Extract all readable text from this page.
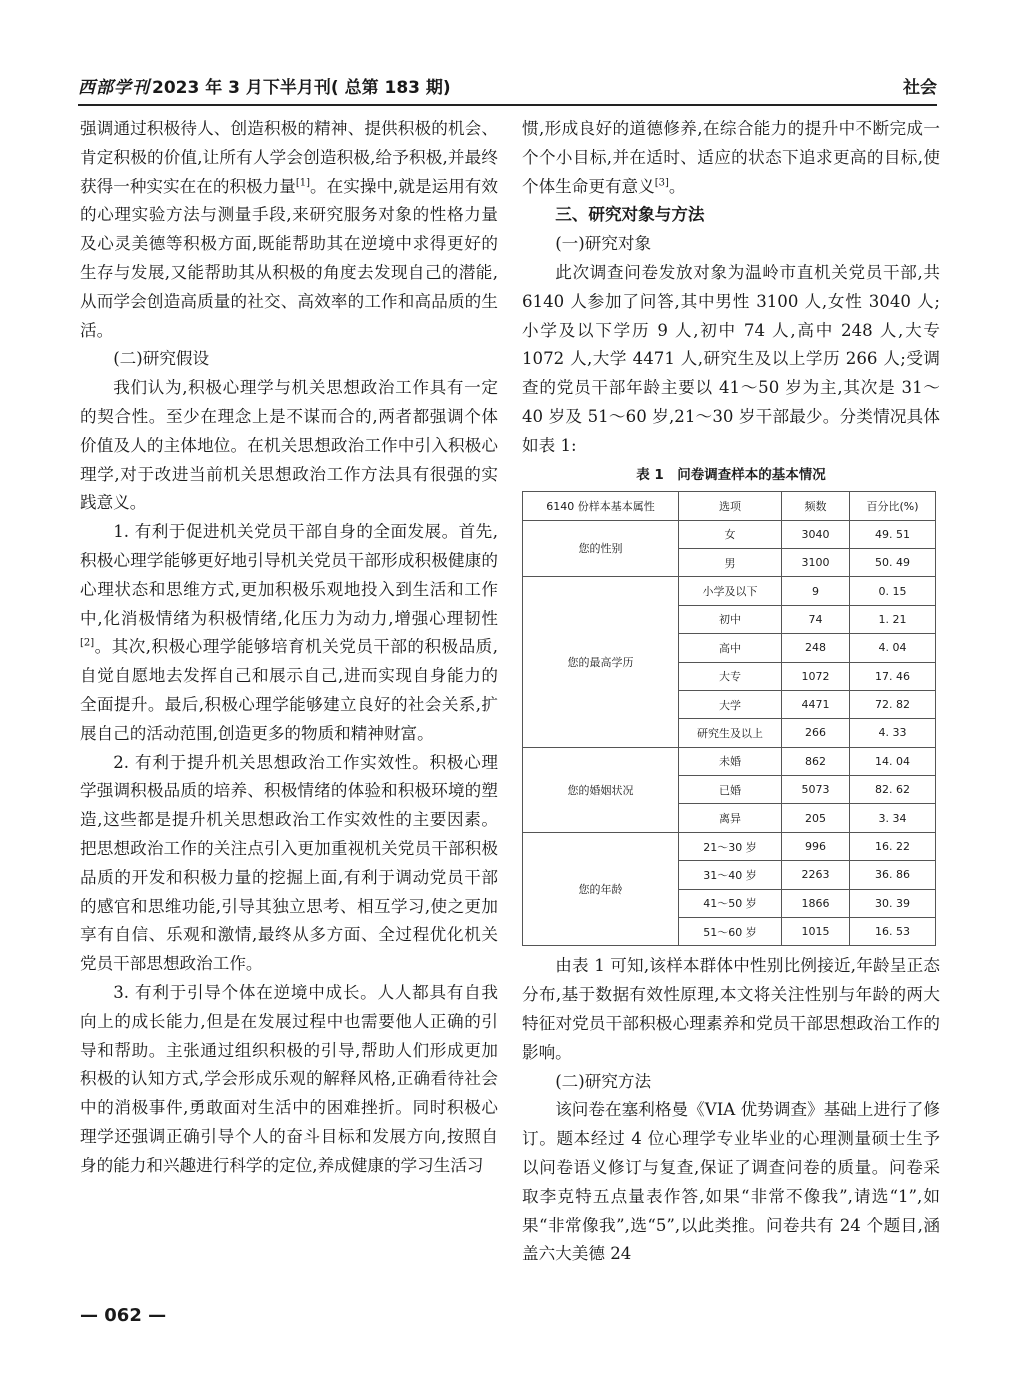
西部学刊 2023 年 3 月下半月刊( 总第 183 期)	社会

强调通过积极待人、创造积极的精神、提供积极的机会、肯定积极的价值,让所有人学会创造积极,给予积极,并最终获得一种实实在在的积极力量[1]。在实操中,就是运用有效的心理实验方法与测量手段,来研究服务对象的性格力量及心灵美德等积极方面,既能帮助其在逆境中求得更好的生存与发展,又能帮助其从积极的角度去发现自己的潜能,从而学会创造高质量的社交、高效率的工作和高品质的生活。

(二)研究假设

我们认为,积极心理学与机关思想政治工作具有一定的契合性。至少在理念上是不谋而合的,两者都强调个体价值及人的主体地位。在机关思想政治工作中引入积极心理学,对于改进当前机关思想政治工作方法具有很强的实践意义。

1. 有利于促进机关党员干部自身的全面发展。首先,积极心理学能够更好地引导机关党员干部形成积极健康的心理状态和思维方式,更加积极乐观地投入到生活和工作中,化消极情绪为积极情绪,化压力为动力,增强心理韧性[2]。其次,积极心理学能够培育机关党员干部的积极品质,自觉自愿地去发挥自己和展示自己,进而实现自身能力的全面提升。最后,积极心理学能够建立良好的社会关系,扩展自己的活动范围,创造更多的物质和精神财富。

2. 有利于提升机关思想政治工作实效性。积极心理学强调积极品质的培养、积极情绪的体验和积极环境的塑造,这些都是提升机关思想政治工作实效性的主要因素。把思想政治工作的关注点引入更加重视机关党员干部积极品质的开发和积极力量的挖掘上面,有利于调动党员干部的感官和思维功能,引导其独立思考、相互学习,使之更加享有自信、乐观和激情,最终从多方面、全过程优化机关党员干部思想政治工作。

3. 有利于引导个体在逆境中成长。人人都具有自我向上的成长能力,但是在发展过程中也需要他人正确的引导和帮助。主张通过组织积极的引导,帮助人们形成更加积极的认知方式,学会形成乐观的解释风格,正确看待社会中的消极事件,勇敢面对生活中的困难挫折。同时积极心理学还强调正确引导个人的奋斗目标和发展方向,按照自身的能力和兴趣进行科学的定位,养成健康的学习生活习

惯,形成良好的道德修养,在综合能力的提升中不断完成一个个小目标,并在适时、适应的状态下追求更高的目标,使个体生命更有意义[3]。

三、研究对象与方法

(一)研究对象

此次调查问卷发放对象为温岭市直机关党员干部,共 6140 人参加了问答,其中男性 3100 人,女性 3040 人;小学及以下学历 9 人,初中 74 人,高中 248 人,大专 1072 人,大学 4471 人,研究生及以上学历 266 人;受调查的党员干部年龄主要以 41～50 岁为主,其次是 31～40 岁及 51～60 岁,21～30 岁干部最少。分类情况具体如表 1:

表 1　问卷调查样本的基本情况
6140 份样本基本属性	选项	频数	百分比(%)
您的性别	女	3040	49. 51
	男	3100	50. 49
您的最高学历	小学及以下	9	0. 15
	初中	74	1. 21
	高中	248	4. 04
	大专	1072	17. 46
	大学	4471	72. 82
	研究生及以上	266	4. 33
您的婚姻状况	未婚	862	14. 04
	已婚	5073	82. 62
	离异	205	3. 34
您的年龄	21～30 岁	996	16. 22
	31～40 岁	2263	36. 86
	41～50 岁	1866	30. 39
	51～60 岁	1015	16. 53

由表 1 可知,该样本群体中性别比例接近,年龄呈正态分布,基于数据有效性原理,本文将关注性别与年龄的两大特征对党员干部积极心理素养和党员干部思想政治工作的影响。

(二)研究方法

该问卷在塞利格曼《VIA 优势调查》基础上进行了修订。题本经过 4 位心理学专业毕业的心理测量硕士生予以问卷语义修订与复查,保证了调查问卷的质量。问卷采取李克特五点量表作答,如果“非常不像我”,请选“1”,如果“非常像我”,选“5”,以此类推。问卷共有 24 个题目,涵盖六大美德 24

— 062 —
